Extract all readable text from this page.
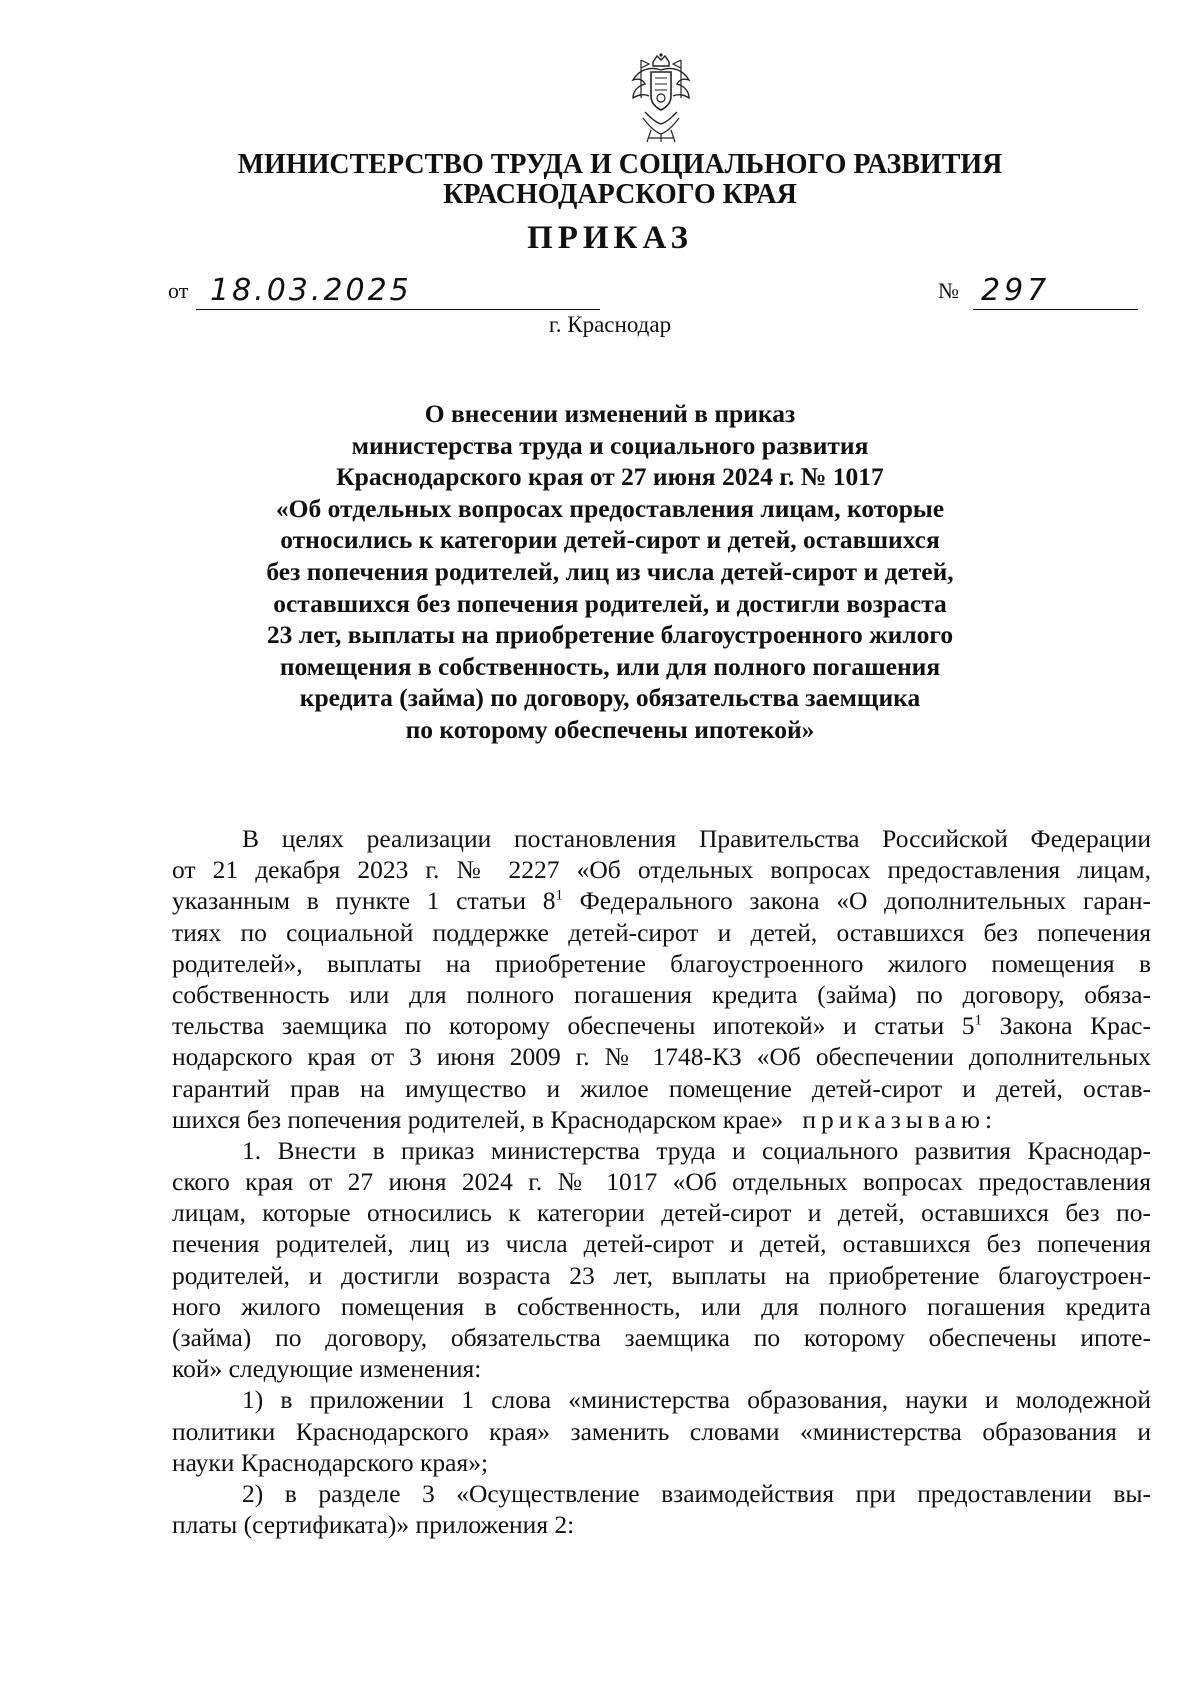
МИНИСТЕРСТВО ТРУДА И СОЦИАЛЬНОГО РАЗВИТИЯ
КРАСНОДАРСКОГО КРАЯ
ПРИКАЗ
от 18.03.2025	№ 297
г. Краснодар
О внесении изменений в приказ
министерства труда и социального развития
Краснодарского края от 27 июня 2024 г. № 1017
«Об отдельных вопросах предоставления лицам, которые
относились к категории детей-сирот и детей, оставшихся
без попечения родителей, лиц из числа детей-сирот и детей,
оставшихся без попечения родителей, и достигли возраста
23 лет, выплаты на приобретение благоустроенного жилого
помещения в собственность, или для полного погашения
кредита (займа) по договору, обязательства заемщика
по которому обеспечены ипотекой»
В целях реализации постановления Правительства Российской Федерации
от 21 декабря 2023 г. № 2227 «Об отдельных вопросах предоставления лицам,
указанным в пункте 1 статьи $8^1$ Федерального закона «О дополнительных гаран-
тиях по социальной поддержке детей-сирот и детей, оставшихся без попечения
родителей», выплаты на приобретение благоустроенного жилого помещения в
собственность или для полного погашения кредита (займа) по договору, обяза-
тельства заемщика по которому обеспечены ипотекой» и статьи $5^1$ Закона Крас-
нодарского края от 3 июня 2009 г. № 1748-КЗ «Об обеспечении дополнительных
гарантий прав на имущество и жилое помещение детей-сирот и детей, остав-
шихся без попечения родителей, в Краснодарском крае» приказываю:
1. Внести в приказ министерства труда и социального развития Краснодар-
ского края от 27 июня 2024 г. № 1017 «Об отдельных вопросах предоставления
лицам, которые относились к категории детей-сирот и детей, оставшихся без по-
печения родителей, лиц из числа детей-сирот и детей, оставшихся без попечения
родителей, и достигли возраста 23 лет, выплаты на приобретение благоустроен-
ного жилого помещения в собственность, или для полного погашения кредита
(займа) по договору, обязательства заемщика по которому обеспечены ипоте-
кой» следующие изменения:
1) в приложении 1 слова «министерства образования, науки и молодежной
политики Краснодарского края» заменить словами «министерства образования и
науки Краснодарского края»;
2) в разделе 3 «Осуществление взаимодействия при предоставлении вы-
платы (сертификата)» приложения 2:
